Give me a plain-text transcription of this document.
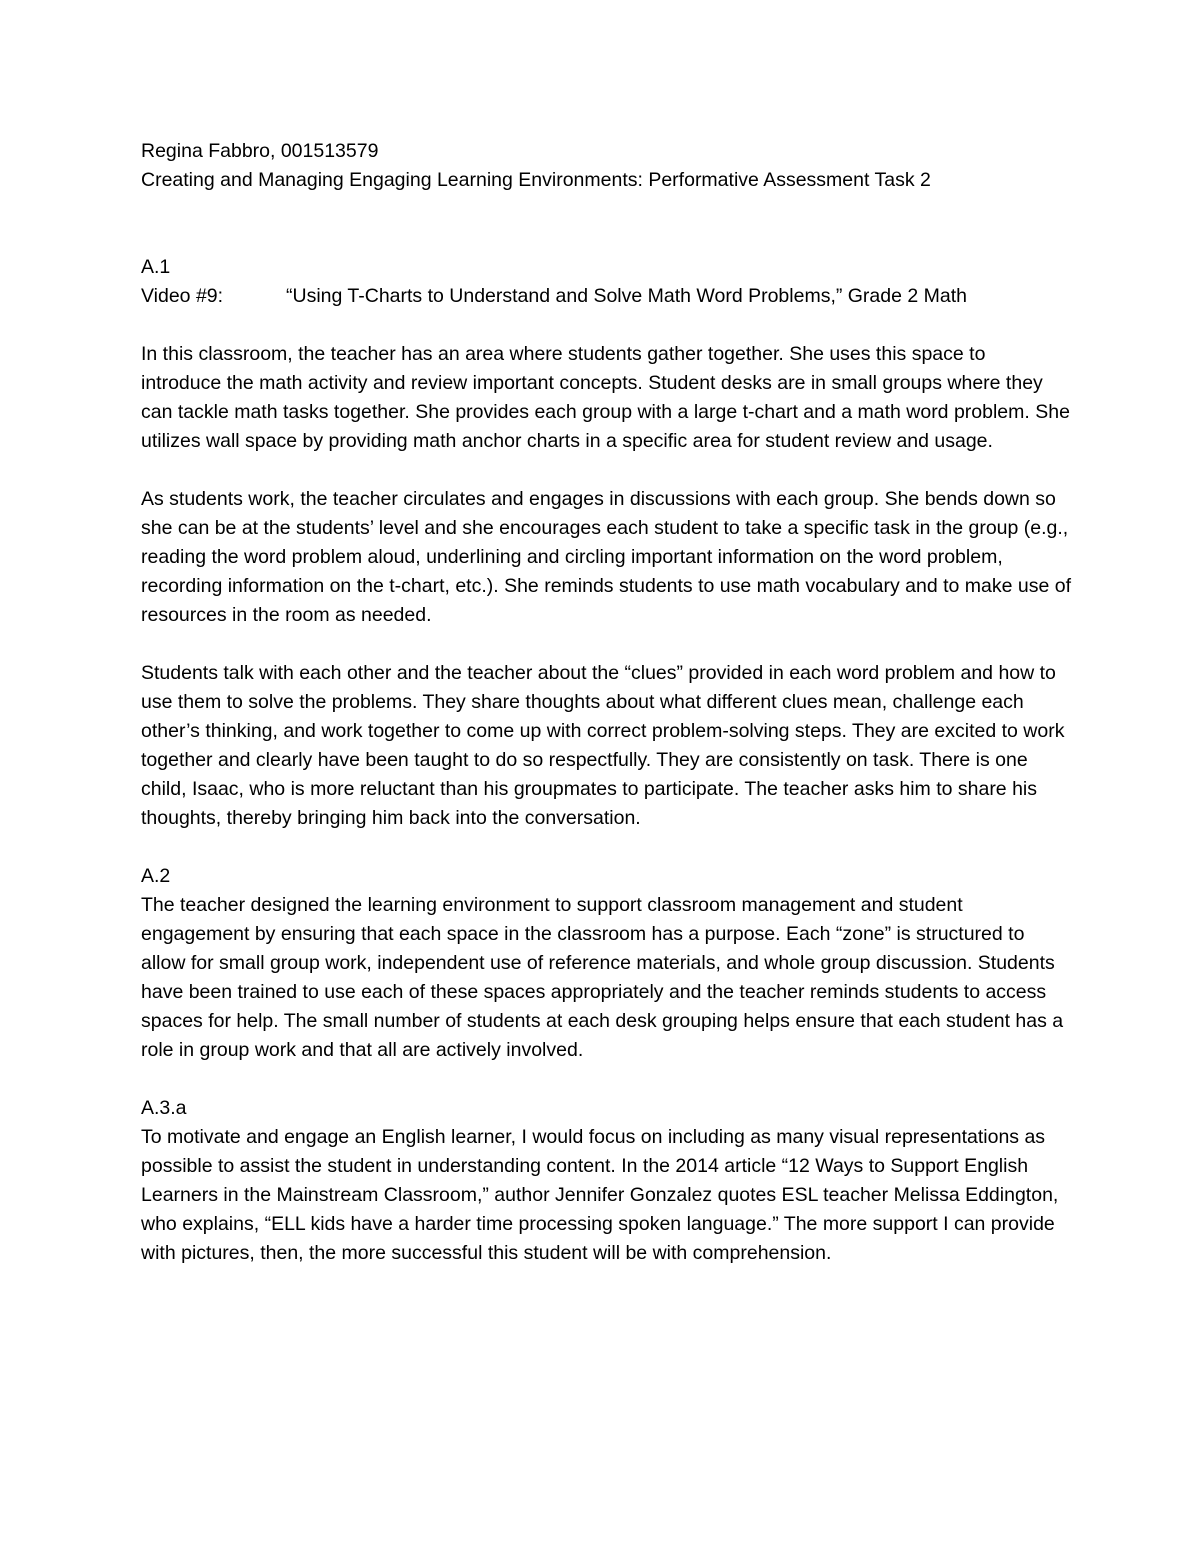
Regina Fabbro, 001513579
Creating and Managing Engaging Learning Environments: Performative Assessment Task 2
A.1
Video #9:	“Using T-Charts to Understand and Solve Math Word Problems,” Grade 2 Math

In this classroom, the teacher has an area where students gather together. She uses this space to introduce the math activity and review important concepts. Student desks are in small groups where they can tackle math tasks together. She provides each group with a large t-chart and a math word problem. She utilizes wall space by providing math anchor charts in a specific area for student review and usage.

As students work, the teacher circulates and engages in discussions with each group. She bends down so she can be at the students’ level and she encourages each student to take a specific task in the group (e.g., reading the word problem aloud, underlining and circling important information on the word problem, recording information on the t-chart, etc.). She reminds students to use math vocabulary and to make use of resources in the room as needed.

Students talk with each other and the teacher about the “clues” provided in each word problem and how to use them to solve the problems. They share thoughts about what different clues mean, challenge each other’s thinking, and work together to come up with correct problem-solving steps. They are excited to work together and clearly have been taught to do so respectfully. They are consistently on task. There is one child, Isaac, who is more reluctant than his groupmates to participate. The teacher asks him to share his thoughts, thereby bringing him back into the conversation.

A.2

The teacher designed the learning environment to support classroom management and student engagement by ensuring that each space in the classroom has a purpose. Each “zone” is structured to allow for small group work, independent use of reference materials, and whole group discussion. Students have been trained to use each of these spaces appropriately and the teacher reminds students to access spaces for help. The small number of students at each desk grouping helps ensure that each student has a role in group work and that all are actively involved.

A.3.a

To motivate and engage an English learner, I would focus on including as many visual representations as possible to assist the student in understanding content. In the 2014 article “12 Ways to Support English Learners in the Mainstream Classroom,” author Jennifer Gonzalez quotes ESL teacher Melissa Eddington, who explains, “ELL kids have a harder time processing spoken language.” The more support I can provide with pictures, then, the more successful this student will be with comprehension.
